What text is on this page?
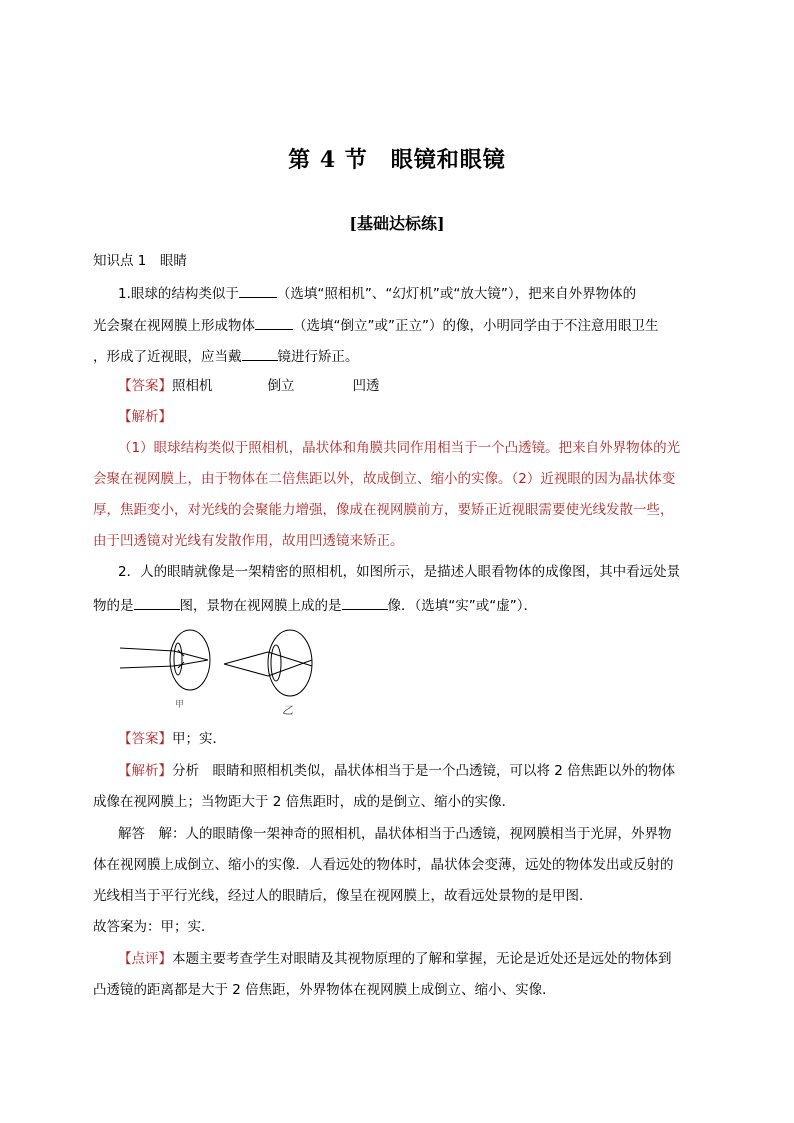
第 4 节　眼镜和眼镜
[基础达标练]
知识点 1　眼睛
1.眼球的结构类似于	（选填“照相机”、“幻灯机”或“放大镜”），把来自外界物体的
光会聚在视网膜上形成物体	（选填“倒立”或”正立”）的像，小明同学由于不注意用眼卫生
，形成了近视眼，应当戴	镜进行矫正。
【答案】照相机	倒立	凹透
【解析】
（1）眼球结构类似于照相机，晶状体和角膜共同作用相当于一个凸透镜。把来自外界物体的光
会聚在视网膜上，由于物体在二倍焦距以外，故成倒立、缩小的实像。（2）近视眼的因为晶状体变
厚，焦距变小，对光线的会聚能力增强，像成在视网膜前方，要矫正近视眼需要使光线发散一些，
由于凹透镜对光线有发散作用，故用凹透镜来矫正。
2．人的眼睛就像是一架精密的照相机，如图所示，是描述人眼看物体的成像图，其中看远处景
物的是	图，景物在视网膜上成的是	像．（选填“实”或“虚”）．
甲	乙
【答案】甲；实．
【解析】分析　眼睛和照相机类似，晶状体相当于是一个凸透镜，可以将 2 倍焦距以外的物体
成像在视网膜上；当物距大于 2 倍焦距时，成的是倒立、缩小的实像．
解答　解：人的眼睛像一架神奇的照相机，晶状体相当于凸透镜，视网膜相当于光屏，外界物
体在视网膜上成倒立、缩小的实像．人看远处的物体时，晶状体会变薄，远处的物体发出或反射的
光线相当于平行光线，经过人的眼睛后，像呈在视网膜上，故看远处景物的是甲图．
故答案为：甲；实．
【点评】本题主要考查学生对眼睛及其视物原理的了解和掌握，无论是近处还是远处的物体到
凸透镜的距离都是大于 2 倍焦距，外界物体在视网膜上成倒立、缩小、实像．
